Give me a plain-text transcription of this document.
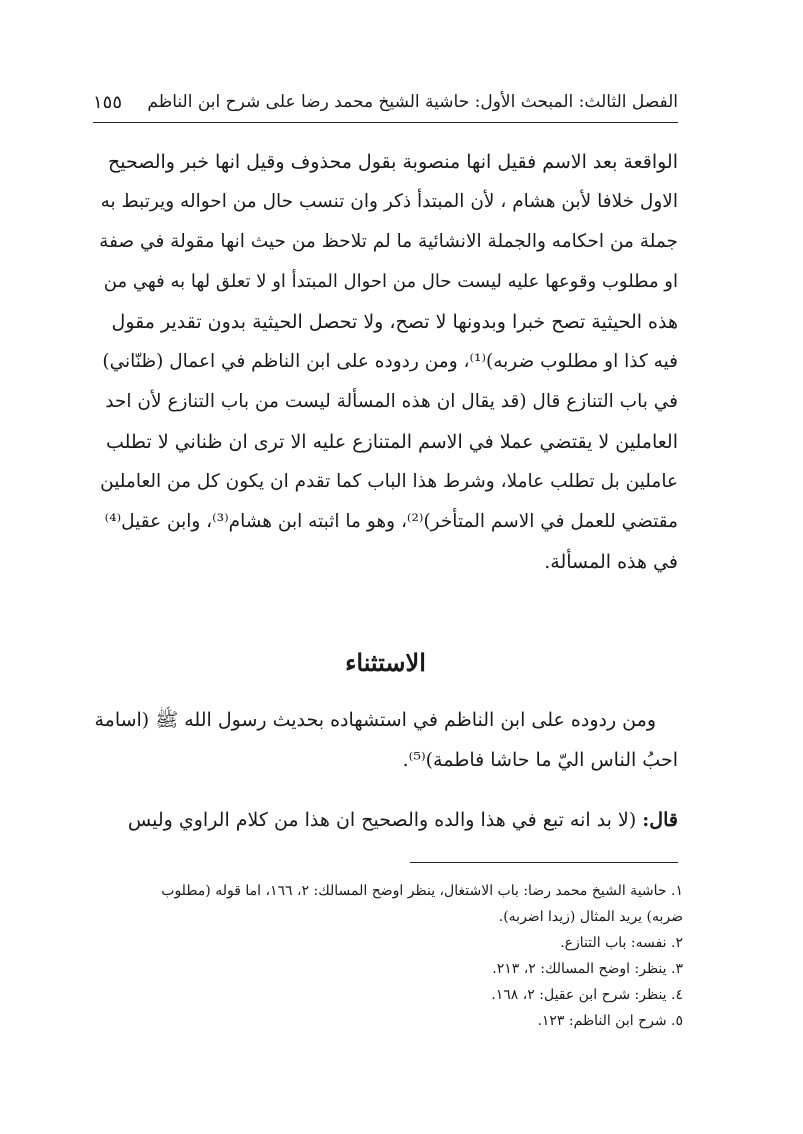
الفصل الثالث: المبحث الأول: حاشية الشيخ محمد رضا على شرح ابن الناظم
١٥٥
الواقعة بعد الاسم فقيل انها منصوبة بقول محذوف وقيل انها خبر والصحيح
الاول خلافا لأبن هشام ، لأن المبتدأ ذكر وان تنسب حال من احواله ويرتبط به
جملة من احكامه والجملة الانشائية ما لم تلاحظ من حيث انها مقولة في صفة
او مطلوب وقوعها عليه ليست حال من احوال المبتدأ او لا تعلق لها به فهي من
هذه الحيثية تصح خبرا وبدونها لا تصح، ولا تحصل الحيثية بدون تقدير مقول
فيه كذا او مطلوب ضربه)⁽¹⁾، ومن ردوده على ابن الناظم في اعمال (ظنّاني)
في باب التنازع قال (قد يقال ان هذه المسألة ليست من باب التنازع لأن احد
العاملين لا يقتضي عملا في الاسم المتنازع عليه الا ترى ان ظناني لا تطلب
عاملين بل تطلب عاملا، وشرط هذا الباب كما تقدم ان يكون كل من العاملين
مقتضي للعمل في الاسم المتأخر)⁽²⁾، وهو ما اثبته ابن هشام⁽³⁾، وابن عقيل⁽⁴⁾
في هذه المسألة.
الاستثناء
ومن ردوده على ابن الناظم في استشهاده بحديث رسول الله ﷺ (اسامة
احبُ الناس اليّ ما حاشا فاطمة)⁽⁵⁾.
قال: (لا بد انه تبع في هذا والده والصحيح ان هذا من كلام الراوي وليس
١. حاشية الشيخ محمد رضا: باب الاشتغال، ينظر اوضح المسالك: ٢، ١٦٦، اما قوله (مطلوب
ضربه) يريد المثال (زيدا اضربه).
٢. نفسه: باب التنازع.
٣. ينظر: اوضح المسالك: ٢، ٢١٣.
٤. ينظر: شرح ابن عقيل: ٢، ١٦٨.
٥. شرح ابن الناظم: ١٢٣.
